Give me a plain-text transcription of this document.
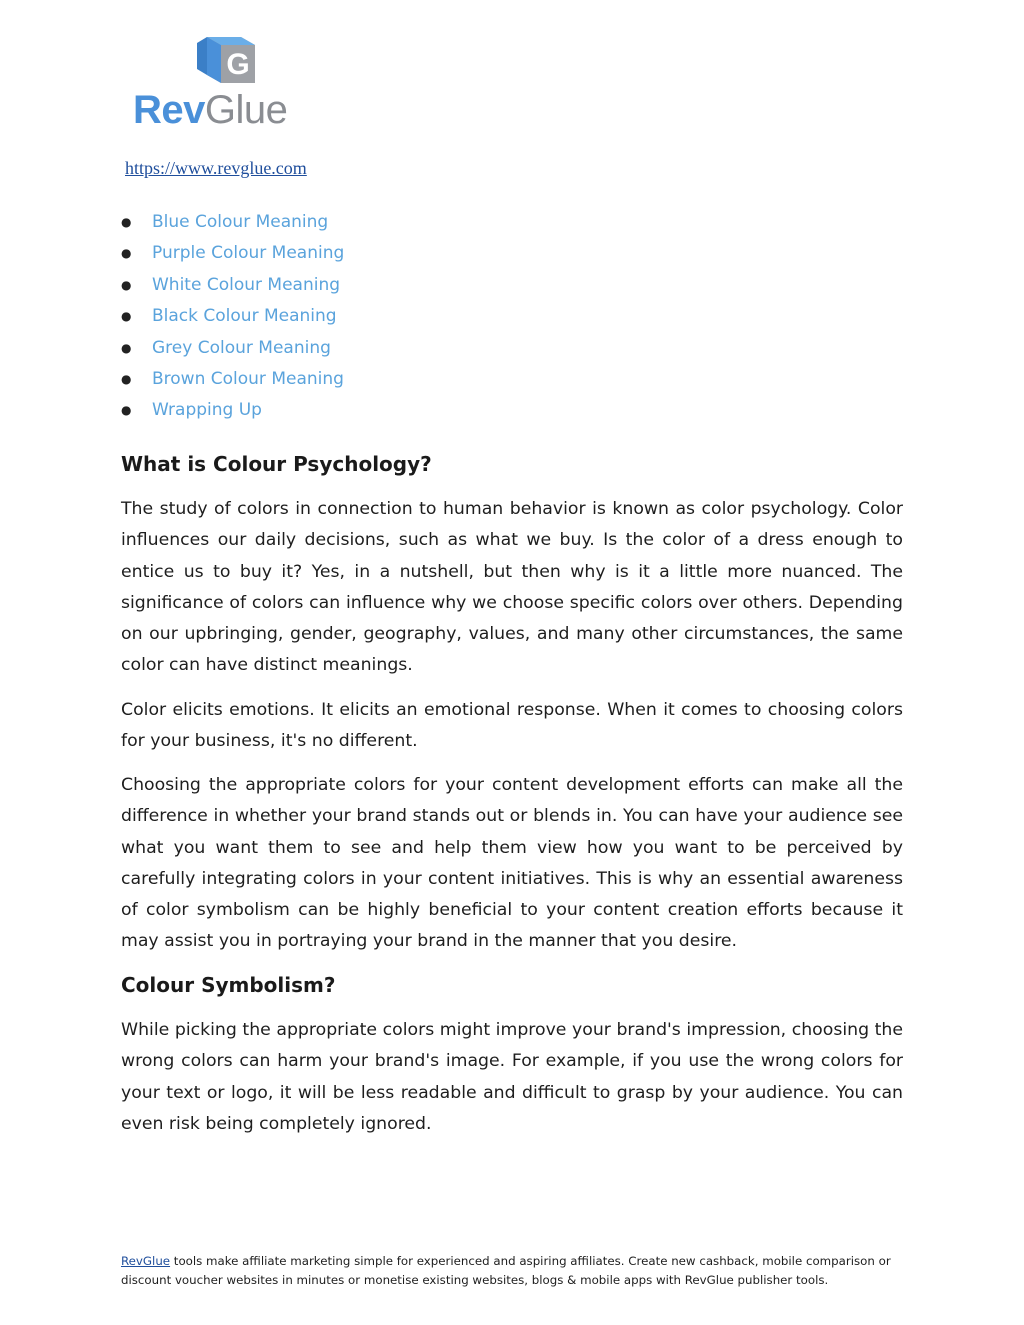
G
RevGlue
https://www.revglue.com
● Blue Colour Meaning
● Purple Colour Meaning
● White Colour Meaning
● Black Colour Meaning
● Grey Colour Meaning
● Brown Colour Meaning
● Wrapping Up
What is Colour Psychology?

The study of colors in connection to human behavior is known as color psychology. Color influences our daily decisions, such as what we buy. Is the color of a dress enough to entice us to buy it? Yes, in a nutshell, but then why is it a little more nuanced. The significance of colors can influence why we choose specific colors over others. Depending on our upbringing, gender, geography, values, and many other circumstances, the same color can have distinct meanings.

Color elicits emotions. It elicits an emotional response. When it comes to choosing colors for your business, it's no different.

Choosing the appropriate colors for your content development efforts can make all the difference in whether your brand stands out or blends in. You can have your audience see what you want them to see and help them view how you want to be perceived by carefully integrating colors in your content initiatives. This is why an essential awareness of color symbolism can be highly beneficial to your content creation efforts because it may assist you in portraying your brand in the manner that you desire.

Colour Symbolism?

While picking the appropriate colors might improve your brand's impression, choosing the wrong colors can harm your brand's image. For example, if you use the wrong colors for your text or logo, it will be less readable and difficult to grasp by your audience. You can even risk being completely ignored.

RevGlue tools make affiliate marketing simple for experienced and aspiring affiliates. Create new cashback, mobile comparison or discount voucher websites in minutes or monetise existing websites, blogs & mobile apps with RevGlue publisher tools.
